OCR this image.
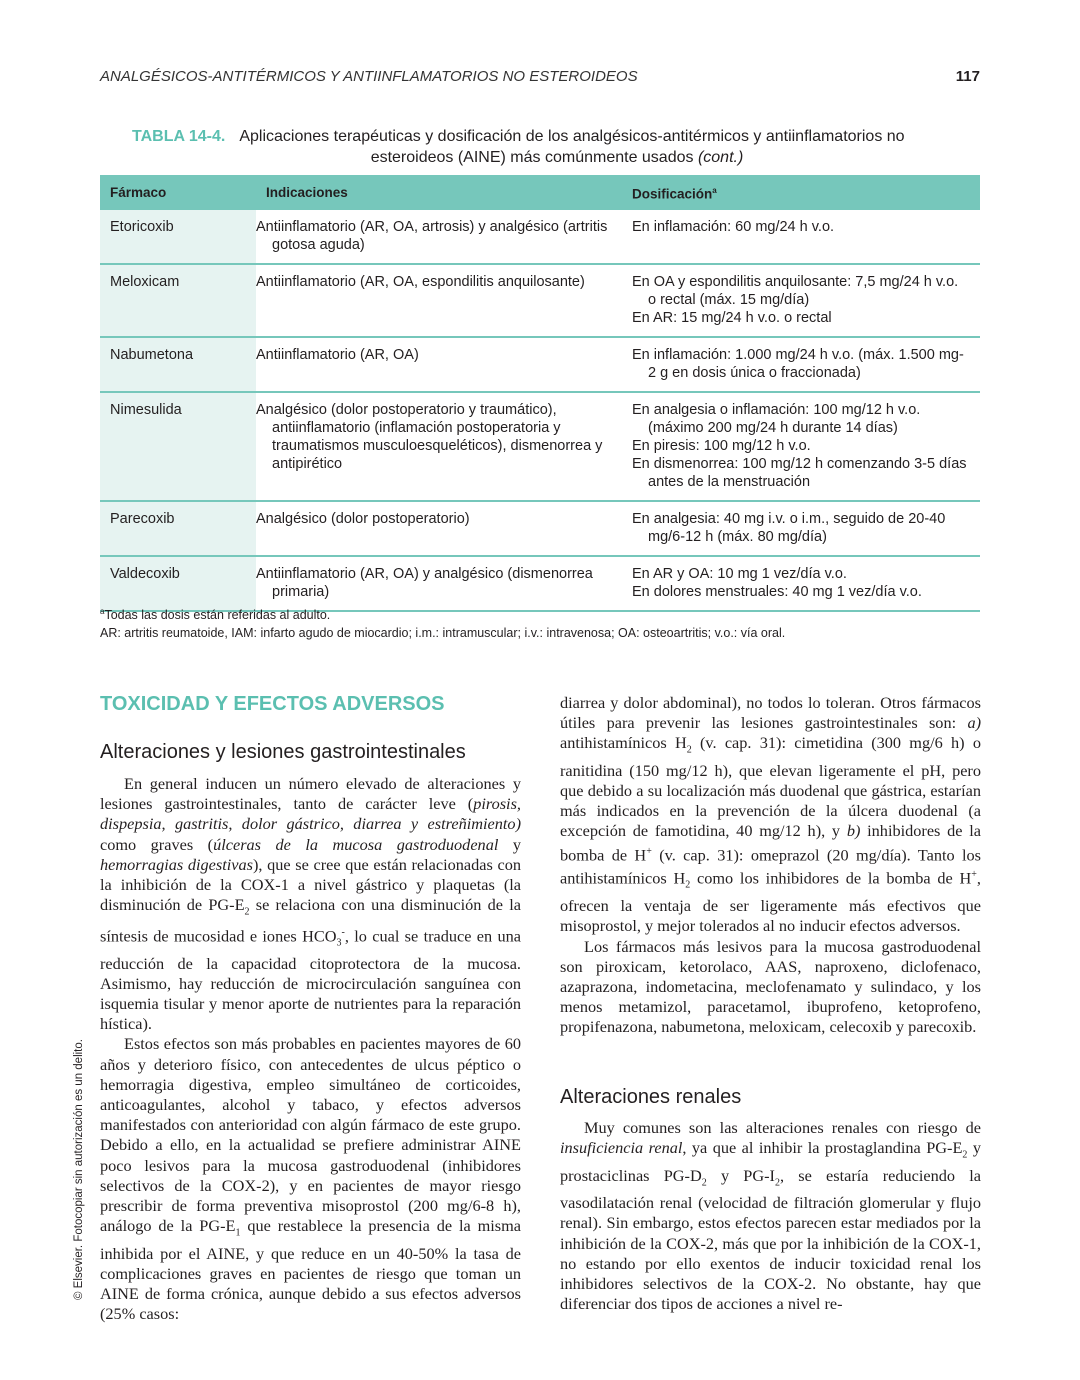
ANALGÉSICOS-ANTITÉRMICOS Y ANTIINFLAMATORIOS NO ESTEROIDEOS	117
TABLA 14-4. Aplicaciones terapéuticas y dosificación de los analgésicos-antitérmicos y antiinflamatorios no
esteroideos (AINE) más comúnmente usados (cont.)
Fármaco	Indicaciones	Dosificación$^a$
Etoricoxib	Antiinflamatorio (AR, OA, artrosis) y analgésico (artritis gotosa aguda)	En inflamación: 60 mg/24 h v.o.

Meloxicam	Antiinflamatorio (AR, OA, espondilitis anquilosante)	En OA y espondilitis anquilosante: 7,5 mg/24 h v.o. o rectal (máx. 15 mg/día)
En AR: 15 mg/24 h v.o. o rectal

Nabumetona	Antiinflamatorio (AR, OA)	En inflamación: 1.000 mg/24 h v.o. (máx. 1.500 mg-2 g en dosis única o fraccionada)

Nimesulida	Analgésico (dolor postoperatorio y traumático), antiinflamatorio (inflamación postoperatoria y traumatismos musculoesqueléticos), dismenorrea y antipirético	En analgesia o inflamación: 100 mg/12 h v.o. (máximo 200 mg/24 h durante 14 días)
En piresis: 100 mg/12 h v.o.
En dismenorrea: 100 mg/12 h comenzando 3-5 días antes de la menstruación

Parecoxib	Analgésico (dolor postoperatorio)	En analgesia: 40 mg i.v. o i.m., seguido de 20-40 mg/6-12 h (máx. 80 mg/día)

Valdecoxib	Antiinflamatorio (AR, OA) y analgésico (dismenorrea primaria)	En AR y OA: 10 mg 1 vez/día v.o.
En dolores menstruales: 40 mg 1 vez/día v.o.
$^a$Todas las dosis están referidas al adulto.
AR: artritis reumatoide, IAM: infarto agudo de miocardio; i.m.: intramuscular; i.v.: intravenosa; OA: osteoartritis; v.o.: vía oral.
TOXICIDAD Y EFECTOS ADVERSOS
Alteraciones y lesiones gastrointestinales

En general inducen un número elevado de alteraciones y lesiones gastrointestinales, tanto de carácter leve (pirosis, dispepsia, gastritis, dolor gástrico, diarrea y estreñimiento) como graves (úlceras de la mucosa gastroduodenal y hemorragias digestivas), que se cree que están relacionadas con la inhibición de la COX-1 a nivel gástrico y plaquetas (la disminución de $PG-E_2$ se relaciona con una disminución de la síntesis de mucosidad e iones $HCO_3^-$, lo cual se traduce en una reducción de la capacidad citoprotectora de la mucosa. Asimismo, hay reducción de microcirculación sanguínea con isquemia tisular y menor aporte de nutrientes para la reparación hística).

Estos efectos son más probables en pacientes mayores de 60 años y deterioro físico, con antecedentes de ulcus péptico o hemorragia digestiva, empleo simultáneo de corticoides, anticoagulantes, alcohol y tabaco, y efectos adversos manifestados con anterioridad con algún fármaco de este grupo. Debido a ello, en la actualidad se prefiere administrar AINE poco lesivos para la mucosa gastroduodenal (inhibidores selectivos de la COX-2), y en pacientes de mayor riesgo prescribir de forma preventiva misoprostol (200 mg/6-8 h), análogo de la $PG-E_1$ que restablece la presencia de la misma inhibida por el AINE, y que reduce en un 40-50% la tasa de complicaciones graves en pacientes de riesgo que toman un AINE de forma crónica, aunque debido a sus efectos adversos (25% casos:

diarrea y dolor abdominal), no todos lo toleran. Otros fármacos útiles para prevenir las lesiones gastrointestinales son: a) antihistamínicos $H_2$ (v. cap. 31): cimetidina (300 mg/6 h) o ranitidina (150 mg/12 h), que elevan ligeramente el pH, pero que debido a su localización más duodenal que gástrica, estarían más indicados en la prevención de la úlcera duodenal (a excepción de famotidina, 40 mg/12 h), y b) inhibidores de la bomba de H+ (v. cap. 31): omeprazol (20 mg/día). Tanto los antihistamínicos $H_2$ como los inhibidores de la bomba de H+, ofrecen la ventaja de ser ligeramente más efectivos que misoprostol, y mejor tolerados al no inducir efectos adversos.

Los fármacos más lesivos para la mucosa gastroduodenal son piroxicam, ketorolaco, AAS, naproxeno, diclofenaco, azaprazona, indometacina, meclofenamato y sulindaco, y los menos metamizol, paracetamol, ibuprofeno, ketoprofeno, propifenazona, nabumetona, meloxicam, celecoxib y parecoxib.

Alteraciones renales

Muy comunes son las alteraciones renales con riesgo de insuficiencia renal, ya que al inhibir la prostaglandina $PG-E_2$ y prostaciclinas $PG-D_2$ y $PG-I_2$, se estaría reduciendo la vasodilatación renal (velocidad de filtración glomerular y flujo renal). Sin embargo, estos efectos parecen estar mediados por la inhibición de la COX-2, más que por la inhibición de la COX-1, no estando por ello exentos de inducir toxicidad renal los inhibidores selectivos de la COX-2. No obstante, hay que diferenciar dos tipos de acciones a nivel re-

© Elsevier. Fotocopiar sin autorización es un delito.
